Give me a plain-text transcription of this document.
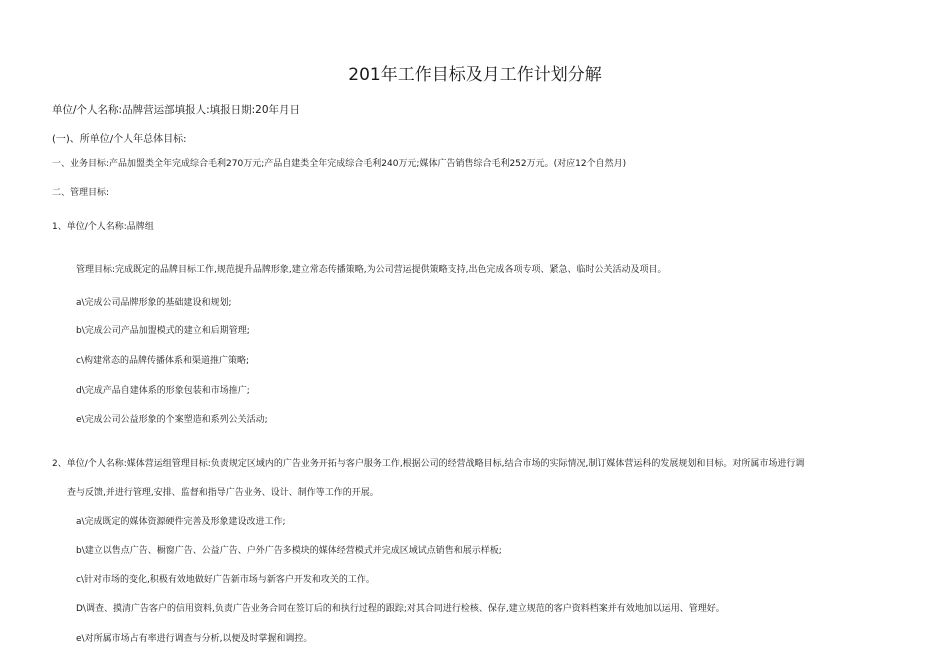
201年工作目标及月工作计划分解
单位/个人名称:品牌营运部填报人:填报日期:20年月日
(一)、所单位/个人年总体目标:
一、业务目标:产品加盟类全年完成综合毛利270万元;产品自建类全年完成综合毛利240万元;媒体广告销售综合毛利252万元。(对应12个自然月)
二、管理目标:
1、单位/个人名称:品牌组
管理目标:完成既定的品牌目标工作,规范提升品牌形象,建立常态传播策略,为公司营运提供策略支持,出色完成各项专项、紧急、临时公关活动及项目。
a\完成公司品牌形象的基础建设和规划;
b\完成公司产品加盟模式的建立和后期管理;
c\构建常态的品牌传播体系和渠道推广策略;
d\完成产品自建体系的形象包装和市场推广;
e\完成公司公益形象的个案塑造和系列公关活动;
2、单位/个人名称:媒体营运组管理目标:负责规定区域内的广告业务开拓与客户服务工作,根据公司的经营战略目标,结合市场的实际情况,制订媒体营运科的发展规划和目标。对所属市场进行调
查与反馈,并进行管理,安排、监督和指导广告业务、设计、制作等工作的开展。
a\完成既定的媒体资源硬件完善及形象建设改进工作;
b\建立以售点广告、橱窗广告、公益广告、户外广告多模块的媒体经营模式并完成区域试点销售和展示样板;
c\针对市场的变化,积极有效地做好广告新市场与新客户开发和攻关的工作。
D\调查、摸清广告客户的信用资料,负责广告业务合同在签订后的和执行过程的跟踪;对其合同进行检核、保存,建立规范的客户资料档案并有效地加以运用、管理好。
e\对所属市场占有率进行调查与分析,以便及时掌握和调控。
